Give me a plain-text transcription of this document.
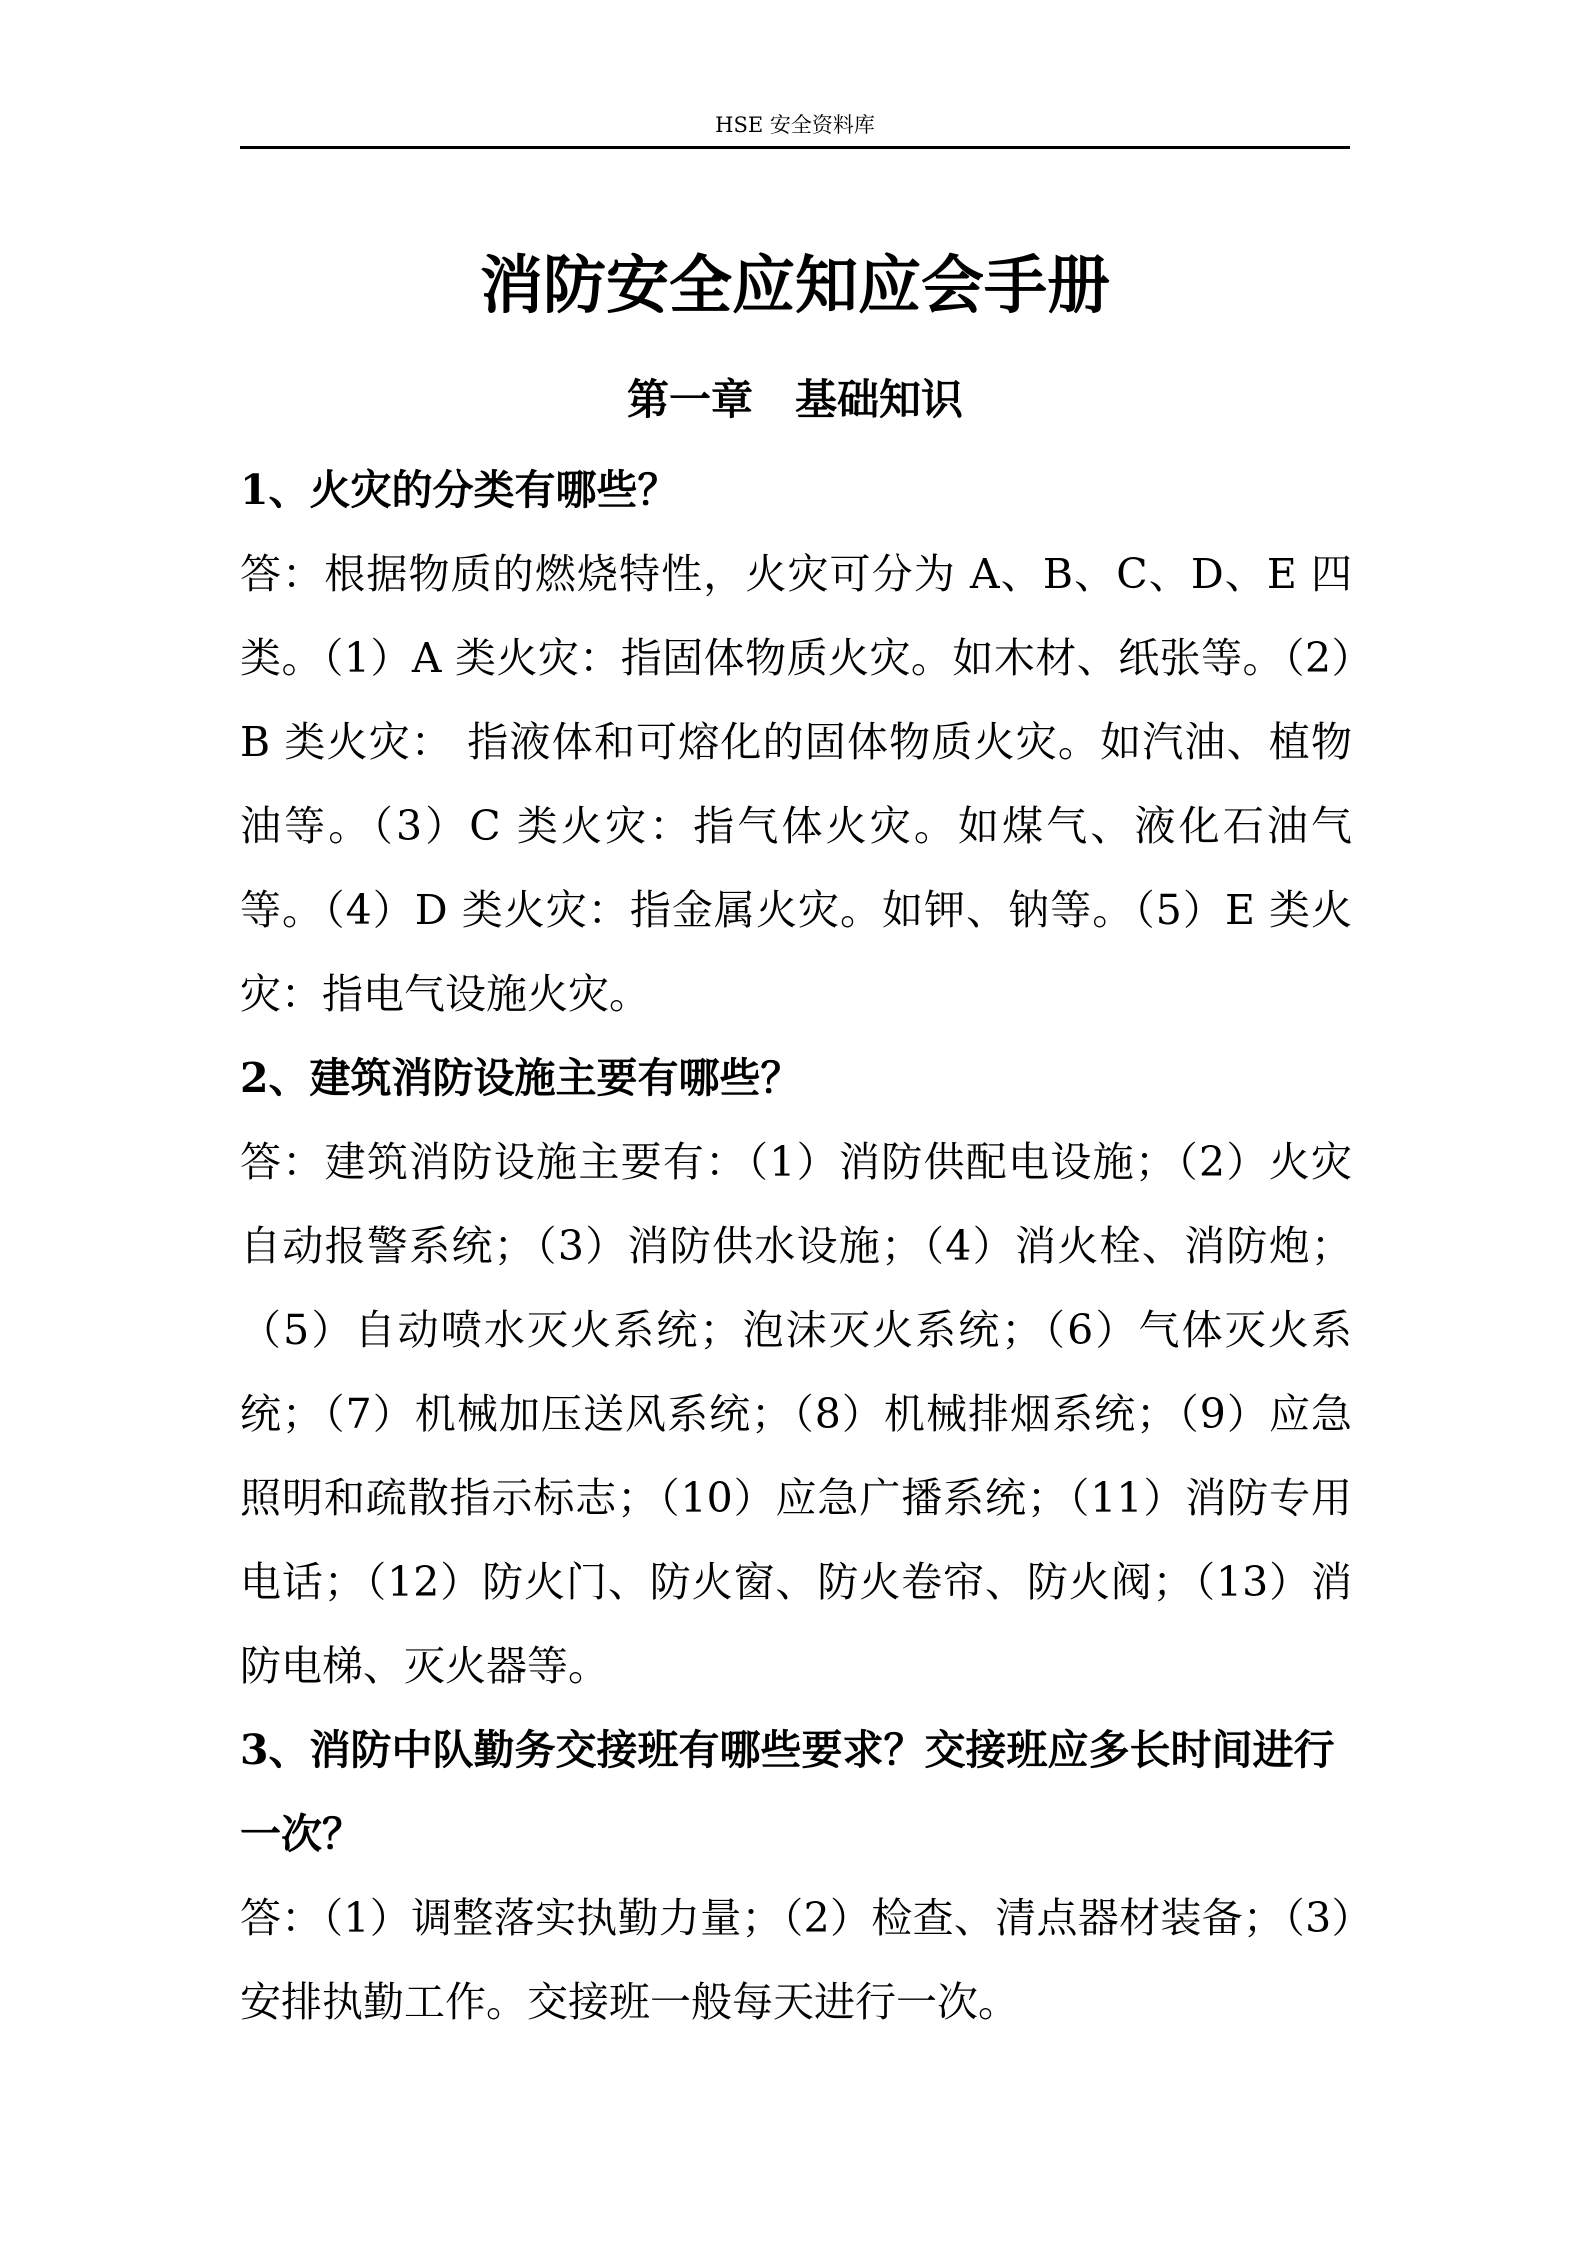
HSE 安全资料库
消防安全应知应会手册
第一章　基础知识

1、火灾的分类有哪些？

答：根据物质的燃烧特性，火灾可分为 A、B、C、D、E 四类。（1）A 类火灾：指固体物质火灾。如木材、纸张等。（2）B 类火灾： 指液体和可熔化的固体物质火灾。如汽油、植物油等。（3）C 类火灾：指气体火灾。如煤气、液化石油气等。（4）D 类火灾：指金属火灾。如钾、钠等。（5）E 类火灾：指电气设施火灾。

2、建筑消防设施主要有哪些？

答：建筑消防设施主要有：（1）消防供配电设施；（2）火灾自动报警系统；（3）消防供水设施；（4）消火栓、消防炮；（5）自动喷水灭火系统；泡沫灭火系统；（6）气体灭火系统；（7）机械加压送风系统；（8）机械排烟系统；（9）应急照明和疏散指示标志；（10）应急广播系统；（11）消防专用电话；（12）防火门、防火窗、防火卷帘、防火阀；（13）消防电梯、灭火器等。

3、消防中队勤务交接班有哪些要求？交接班应多长时间进行一次？

答：（1）调整落实执勤力量；（2）检查、清点器材装备；（3）安排执勤工作。交接班一般每天进行一次。
